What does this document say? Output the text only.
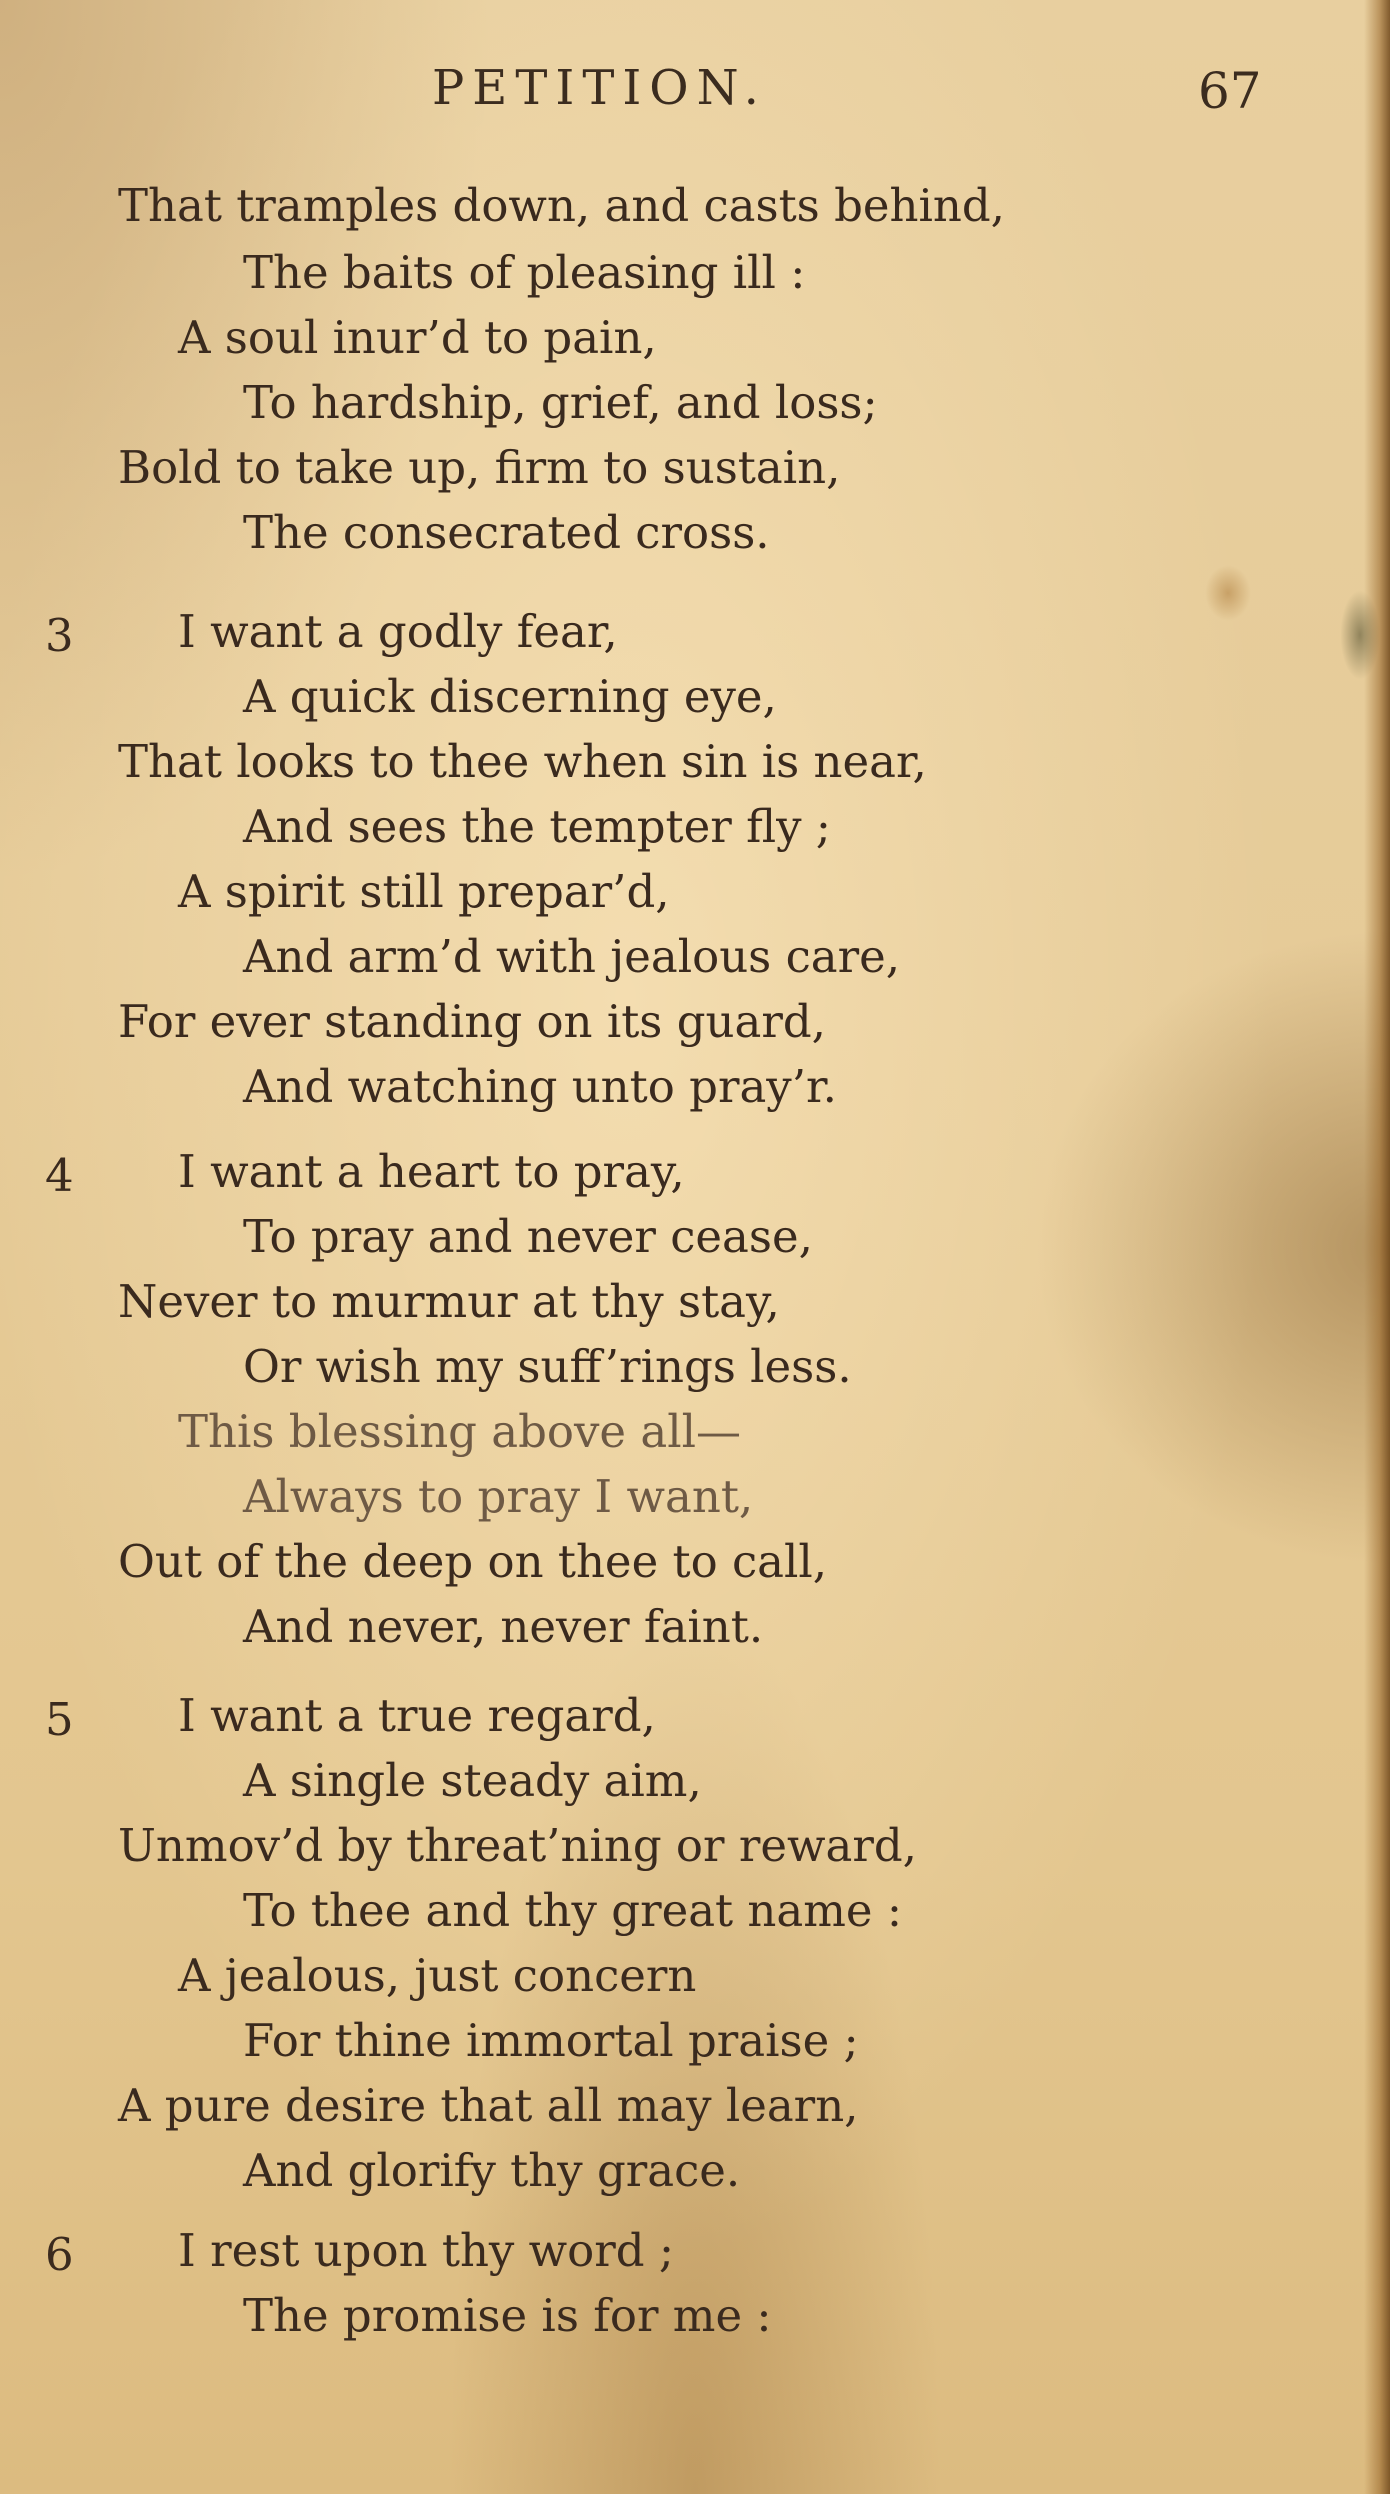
PETITION.	67
That tramples down, and casts behind,
The baits of pleasing ill :
A soul inur’d to pain,
To hardship, grief, and loss;
Bold to take up, firm to sustain,
The consecrated cross.
3 I want a godly fear,
A quick discerning eye,
That looks to thee when sin is near,
And sees the tempter fly ;
A spirit still prepar’d,
And arm’d with jealous care,
For ever standing on its guard,
And watching unto pray’r.
4 I want a heart to pray,
To pray and never cease,
Never to murmur at thy stay,
Or wish my suff’rings less.
This blessing above all—
Always to pray I want,
Out of the deep on thee to call,
And never, never faint.
5 I want a true regard,
A single steady aim,
Unmov’d by threat’ning or reward,
To thee and thy great name :
A jealous, just concern
For thine immortal praise ;
A pure desire that all may learn,
And glorify thy grace.
6 I rest upon thy word ;
The promise is for me :
